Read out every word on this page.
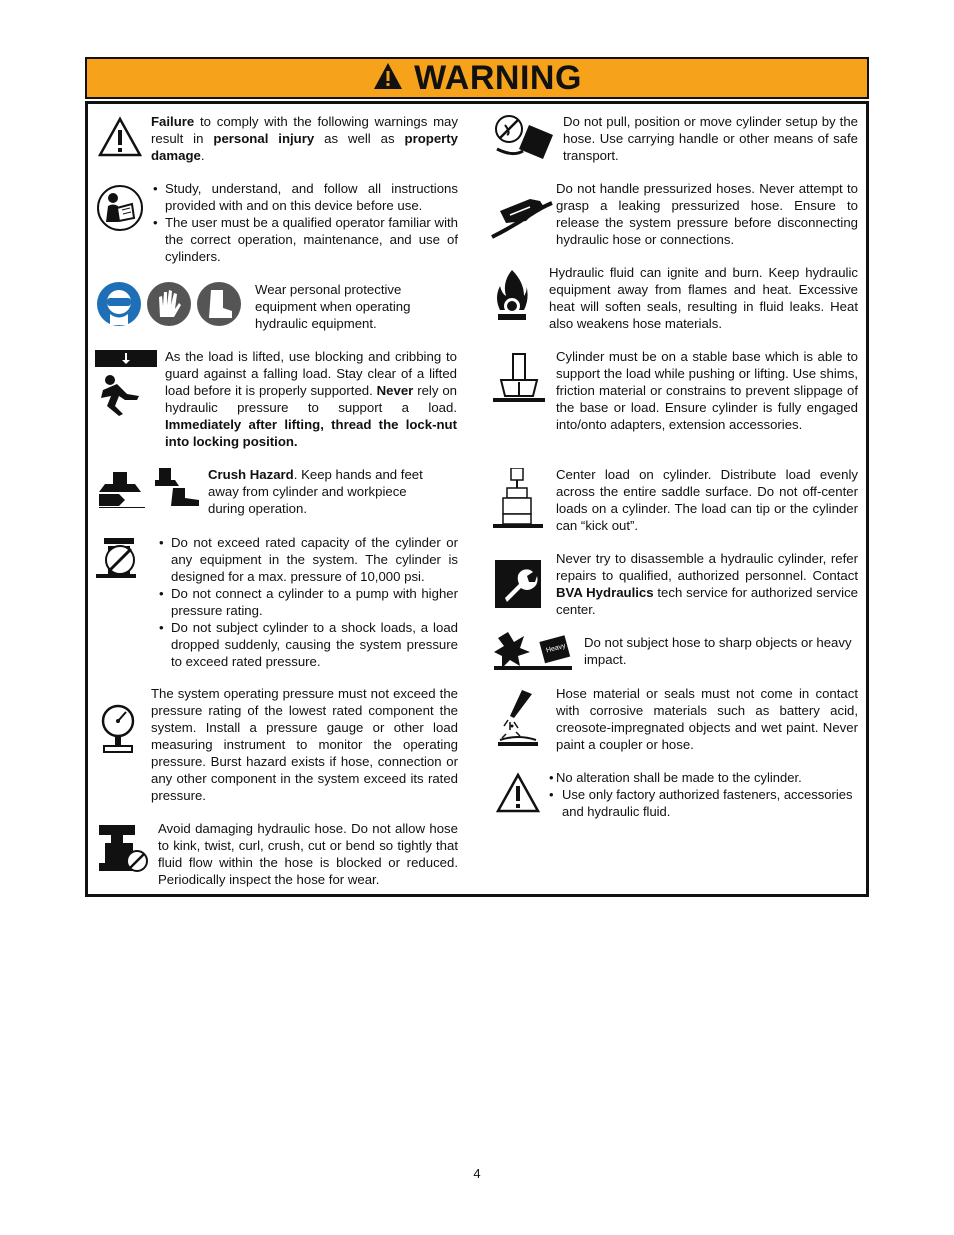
WARNING
Failure to comply with the following warnings may result in personal injury as well as property damage.
• Study, understand, and follow all instructions provided with and on this device before use.
• The user must be a qualified operator familiar with the correct operation, maintenance, and use of cylinders.
Wear personal protective equipment when operating hydraulic equipment.
As the load is lifted, use blocking and cribbing to guard against a falling load. Stay clear of a lifted load before it is properly supported. Never rely on hydraulic pressure to support a load. Immediately after lifting, thread the lock-nut into locking position.
Crush Hazard. Keep hands and feet away from cylinder and workpiece during operation.
• Do not exceed rated capacity of the cylinder or any equipment in the system. The cylinder is designed for a max. pressure of 10,000 psi.
• Do not connect a cylinder to a pump with higher pressure rating.
• Do not subject cylinder to a shock loads, a load dropped suddenly, causing the system pressure to exceed rated pressure.
The system operating pressure must not exceed the pressure rating of the lowest rated component the system. Install a pressure gauge or other load measuring instrument to monitor the operating pressure. Burst hazard exists if hose, connection or any other component in the system exceed its rated pressure.
Avoid damaging hydraulic hose. Do not allow hose to kink, twist, curl, crush, cut or bend so tightly that fluid flow within the hose is blocked or reduced. Periodically inspect the hose for wear.
Do not pull, position or move cylinder setup by the hose. Use carrying handle or other means of safe transport.
Do not handle pressurized hoses. Never attempt to grasp a leaking pressurized hose. Ensure to release the system pressure before disconnecting hydraulic hose or connections.
Hydraulic fluid can ignite and burn. Keep hydraulic equipment away from flames and heat. Excessive heat will soften seals, resulting in fluid leaks. Heat also weakens hose materials.
Cylinder must be on a stable base which is able to support the load while pushing or lifting. Use shims, friction material or constrains to prevent slippage of the base or load. Ensure cylinder is fully engaged into/onto adapters, extension accessories.
Center load on cylinder. Distribute load evenly across the entire saddle surface. Do not off-center loads on a cylinder. The load can tip or the cylinder can “kick out”.
Never try to disassemble a hydraulic cylinder, refer repairs to qualified, authorized personnel. Contact BVA Hydraulics tech service for authorized service center.
Heavy Do not subject hose to sharp objects or heavy impact.
Hose material or seals must not come in contact with corrosive materials such as battery acid, creosote-impregnated objects and wet paint. Never paint a coupler or hose.
• No alteration shall be made to the cylinder.
• Use only factory authorized fasteners, accessories and hydraulic fluid.
4
